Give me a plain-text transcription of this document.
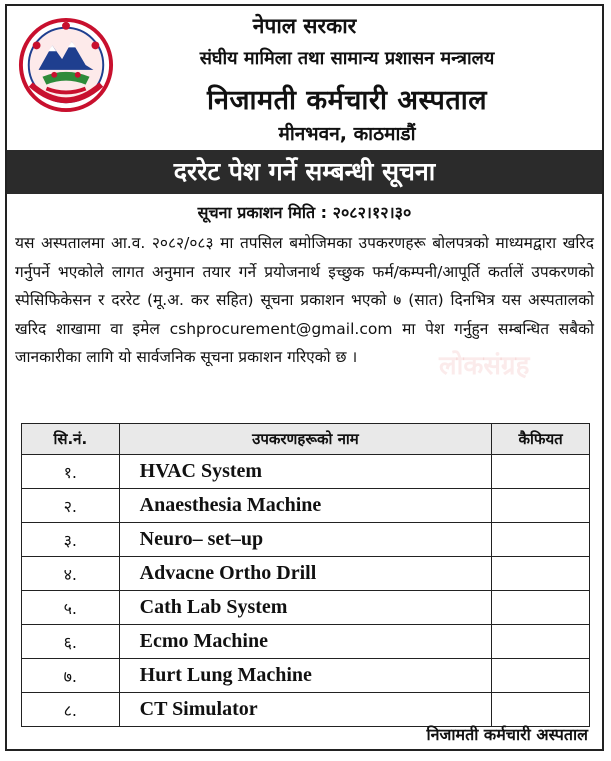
नेपाल सरकार
संघीय मामिला तथा सामान्य प्रशासन मन्त्रालय
निजामती कर्मचारी अस्पताल
मीनभवन, काठमाडौं
दररेट पेश गर्ने सम्बन्धी सूचना
सूचना प्रकाशन मिति : २०८२।१२।३०
यस अस्पतालमा आ.व. २०८२/०८३ मा तपसिल बमोजिमका उपकरणहरू बोलपत्रको माध्यमद्वारा खरिद गर्नुपर्ने भएकोले लागत अनुमान तयार गर्ने प्रयोजनार्थ इच्छुक फर्म/कम्पनी/आपूर्ति कर्तालें उपकरणको स्पेसिफिकेसन र दररेट (मू.अ. कर सहित) सूचना प्रकाशन भएको ७ (सात) दिनभित्र यस अस्पतालको खरिद शाखामा वा इमेल cshprocurement@gmail.com मा पेश गर्नुहुन सम्बन्धित सबैको जानकारीका लागि यो सार्वजनिक सूचना प्रकाशन गरिएको छ ।	लोकसंग्रह
सि.नं.	उपकरणहरूको नाम	कैफियत
१.	HVAC System	
२.	Anaesthesia Machine	
३.	Neuro– set–up	
४.	Advacne Ortho Drill	
५.	Cath Lab System	
६.	Ecmo Machine	
७.	Hurt Lung Machine	
८.	CT Simulator	
निजामती कर्मचारी अस्पताल
